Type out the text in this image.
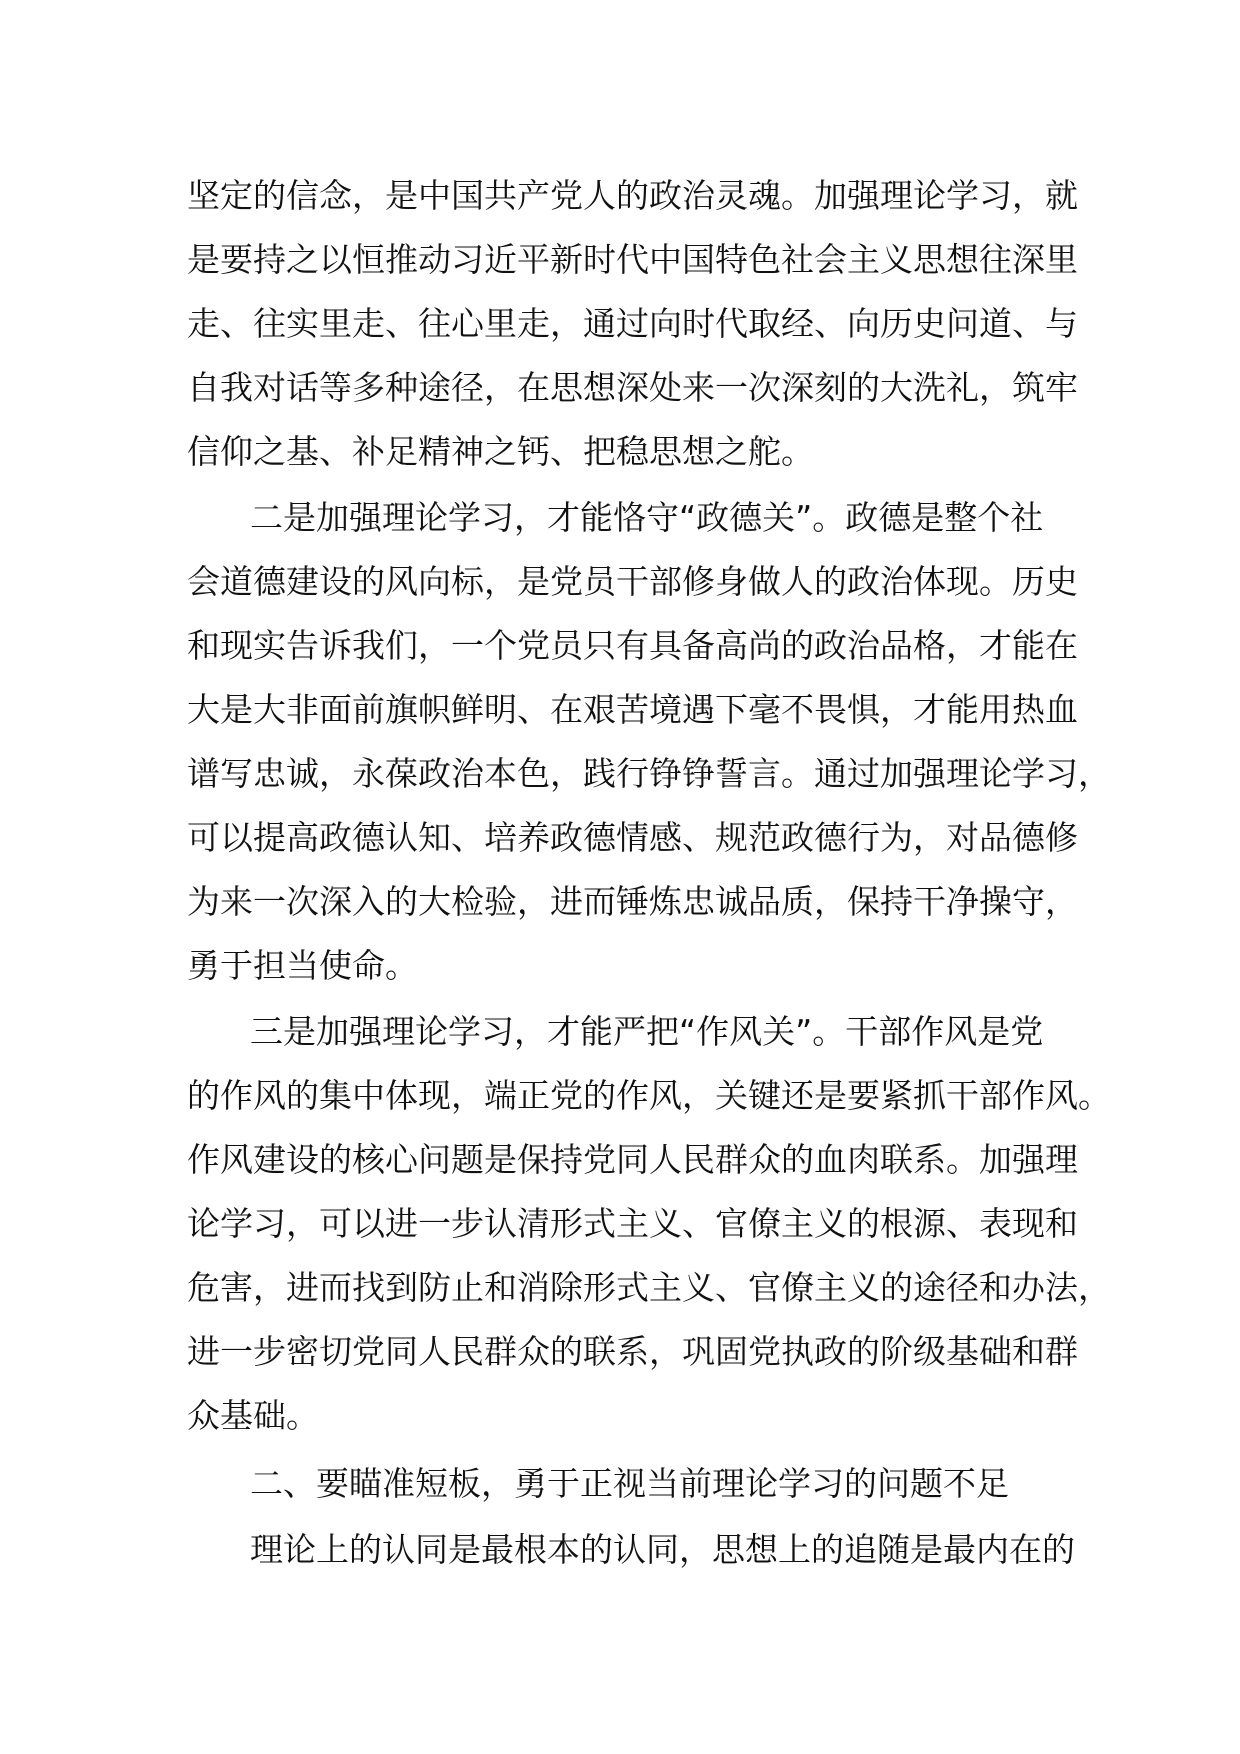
坚定的信念，是中国共产党人的政治灵魂。加强理论学习，就
是要持之以恒推动习近平新时代中国特色社会主义思想往深里
走、往实里走、往心里走，通过向时代取经、向历史问道、与
自我对话等多种途径，在思想深处来一次深刻的大洗礼，筑牢
信仰之基、补足精神之钙、把稳思想之舵。
二是加强理论学习，才能恪守“政德关”。政德是整个社
会道德建设的风向标，是党员干部修身做人的政治体现。历史
和现实告诉我们，一个党员只有具备高尚的政治品格，才能在
大是大非面前旗帜鲜明、在艰苦境遇下毫不畏惧，才能用热血
谱写忠诚，永葆政治本色，践行铮铮誓言。通过加强理论学习，
可以提高政德认知、培养政德情感、规范政德行为，对品德修
为来一次深入的大检验，进而锤炼忠诚品质，保持干净操守，
勇于担当使命。
三是加强理论学习，才能严把“作风关”。干部作风是党
的作风的集中体现，端正党的作风，关键还是要紧抓干部作风。
作风建设的核心问题是保持党同人民群众的血肉联系。加强理
论学习，可以进一步认清形式主义、官僚主义的根源、表现和
危害，进而找到防止和消除形式主义、官僚主义的途径和办法，
进一步密切党同人民群众的联系，巩固党执政的阶级基础和群
众基础。
二、要瞄准短板，勇于正视当前理论学习的问题不足
理论上的认同是最根本的认同，思想上的追随是最内在的
